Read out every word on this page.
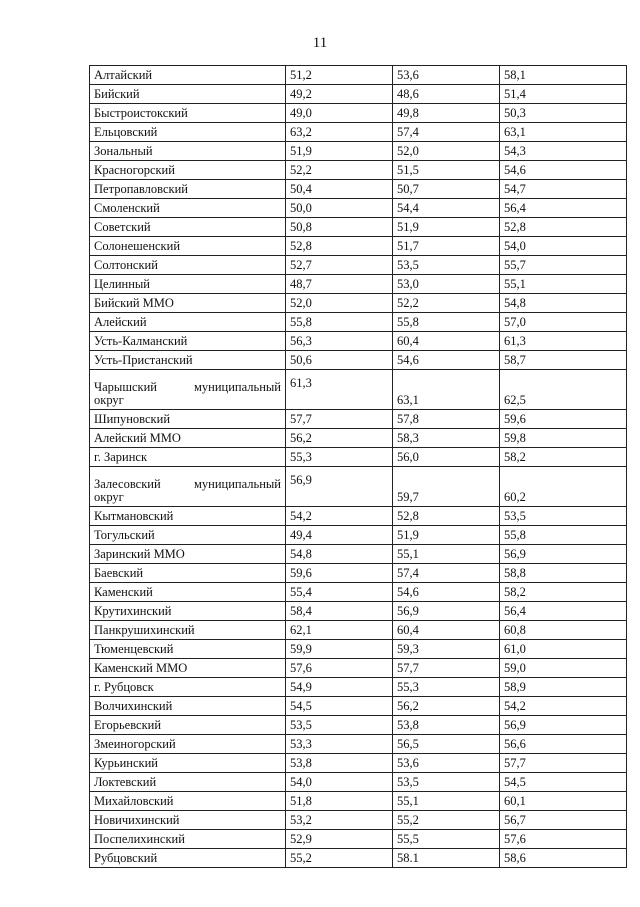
11
Алтайский	51,2	53,6	58,1
Бийский	49,2	48,6	51,4
Быстроистокский	49,0	49,8	50,3
Ельцовский	63,2	57,4	63,1
Зональный	51,9	52,0	54,3
Красногорский	52,2	51,5	54,6
Петропавловский	50,4	50,7	54,7
Смоленский	50,0	54,4	56,4
Советский	50,8	51,9	52,8
Солонешенский	52,8	51,7	54,0
Солтонский	52,7	53,5	55,7
Целинный	48,7	53,0	55,1
Бийский ММО	52,0	52,2	54,8
Алейский	55,8	55,8	57,0
Усть-Калманский	56,3	60,4	61,3
Усть-Пристанский	50,6	54,6	58,7

Чарышский муниципальный
округ	61,3	63,1	62,5
Шипуновский	57,7	57,8	59,6
Алейский ММО	56,2	58,3	59,8
г. Заринск	55,3	56,0	58,2

Залесовский муниципальный
округ	56,9	59,7	60,2
Кытмановский	54,2	52,8	53,5
Тогульский	49,4	51,9	55,8
Заринский ММО	54,8	55,1	56,9
Баевский	59,6	57,4	58,8
Каменский	55,4	54,6	58,2
Крутихинский	58,4	56,9	56,4
Панкрушихинский	62,1	60,4	60,8
Тюменцевский	59,9	59,3	61,0
Каменский ММО	57,6	57,7	59,0
г. Рубцовск	54,9	55,3	58,9
Волчихинский	54,5	56,2	54,2
Егорьевский	53,5	53,8	56,9
Змеиногорский	53,3	56,5	56,6
Курьинский	53,8	53,6	57,7
Локтевский	54,0	53,5	54,5
Михайловский	51,8	55,1	60,1
Новичихинский	53,2	55,2	56,7
Поспелихинский	52,9	55,5	57,6
Рубцовский	55,2	58.1	58,6
